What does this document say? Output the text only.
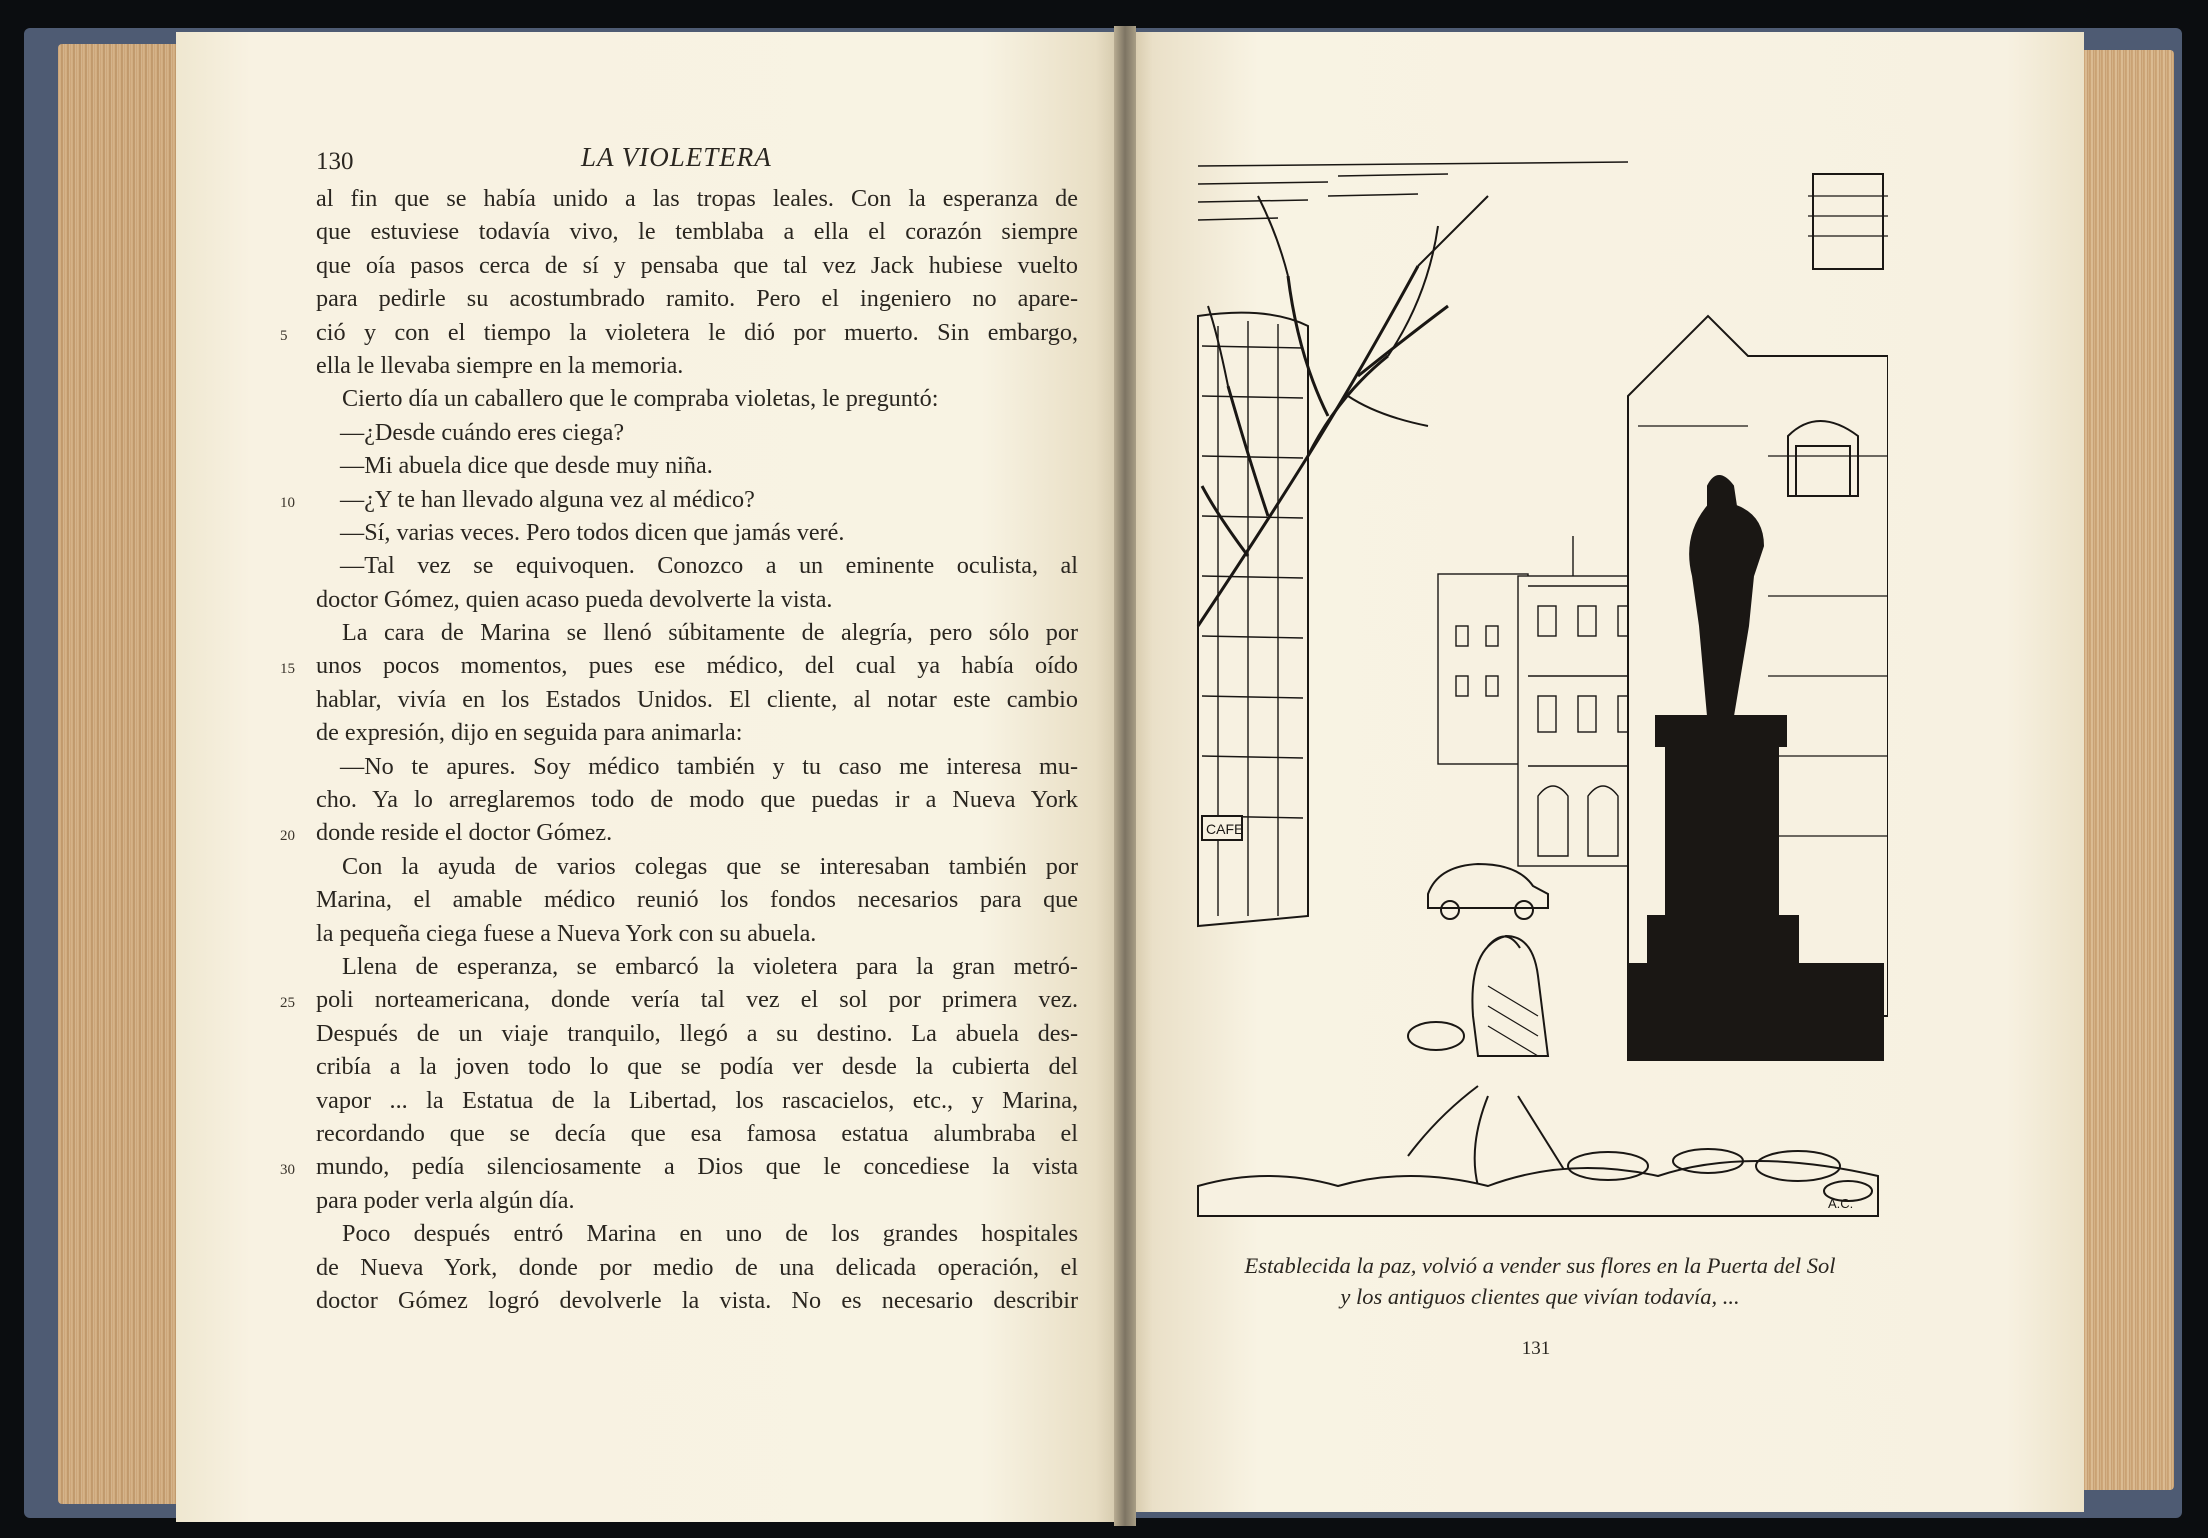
130	LA VIOLETERA
al fin que se había unido a las tropas leales. Con la esperanza de
que estuviese todavía vivo, le temblaba a ella el corazón siempre
que oía pasos cerca de sí y pensaba que tal vez Jack hubiese vuelto
para pedirle su acostumbrado ramito. Pero el ingeniero no apare-
5 ció y con el tiempo la violetera le dió por muerto. Sin embargo,
ella le llevaba siempre en la memoria.
Cierto día un caballero que le compraba violetas, le preguntó:
—¿Desde cuándo eres ciega?
—Mi abuela dice que desde muy niña.
10 —¿Y te han llevado alguna vez al médico?
—Sí, varias veces. Pero todos dicen que jamás veré.
—Tal vez se equivoquen. Conozco a un eminente oculista, al
doctor Gómez, quien acaso pueda devolverte la vista.
La cara de Marina se llenó súbitamente de alegría, pero sólo por
15 unos pocos momentos, pues ese médico, del cual ya había oído
hablar, vivía en los Estados Unidos. El cliente, al notar este cambio
de expresión, dijo en seguida para animarla:
—No te apures. Soy médico también y tu caso me interesa mu-
cho. Ya lo arreglaremos todo de modo que puedas ir a Nueva York
20 donde reside el doctor Gómez.
Con la ayuda de varios colegas que se interesaban también por
Marina, el amable médico reunió los fondos necesarios para que
la pequeña ciega fuese a Nueva York con su abuela.
Llena de esperanza, se embarcó la violetera para la gran metró-
25 poli norteamericana, donde vería tal vez el sol por primera vez.
Después de un viaje tranquilo, llegó a su destino. La abuela des-
cribía a la joven todo lo que se podía ver desde la cubierta del
vapor ... la Estatua de la Libertad, los rascacielos, etc., y Marina,
recordando que se decía que esa famosa estatua alumbraba el
30 mundo, pedía silenciosamente a Dios que le concediese la vista
para poder verla algún día.
Poco después entró Marina en uno de los grandes hospitales
de Nueva York, donde por medio de una delicada operación, el
doctor Gómez logró devolverle la vista. No es necesario describir
CAFE
A.C.
Establecida la paz, volvió a vender sus flores en la Puerta del Sol
y los antiguos clientes que vivían todavía, ...
131
